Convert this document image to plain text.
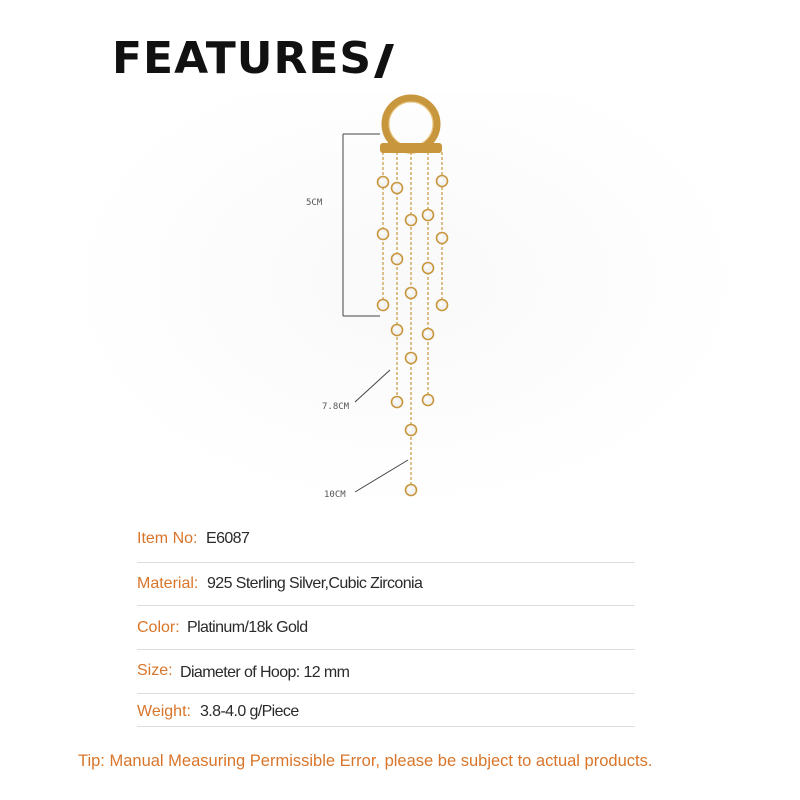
FEATURES
5CM
7.8CM
10CM
Item No: E6087
Material: 925 Sterling Silver,Cubic Zirconia
Color: Platinum/18k Gold
Size: Diameter of Hoop: 12 mm
Weight: 3.8-4.0 g/Piece
Tip: Manual Measuring Permissible Error, please be subject to actual products.
